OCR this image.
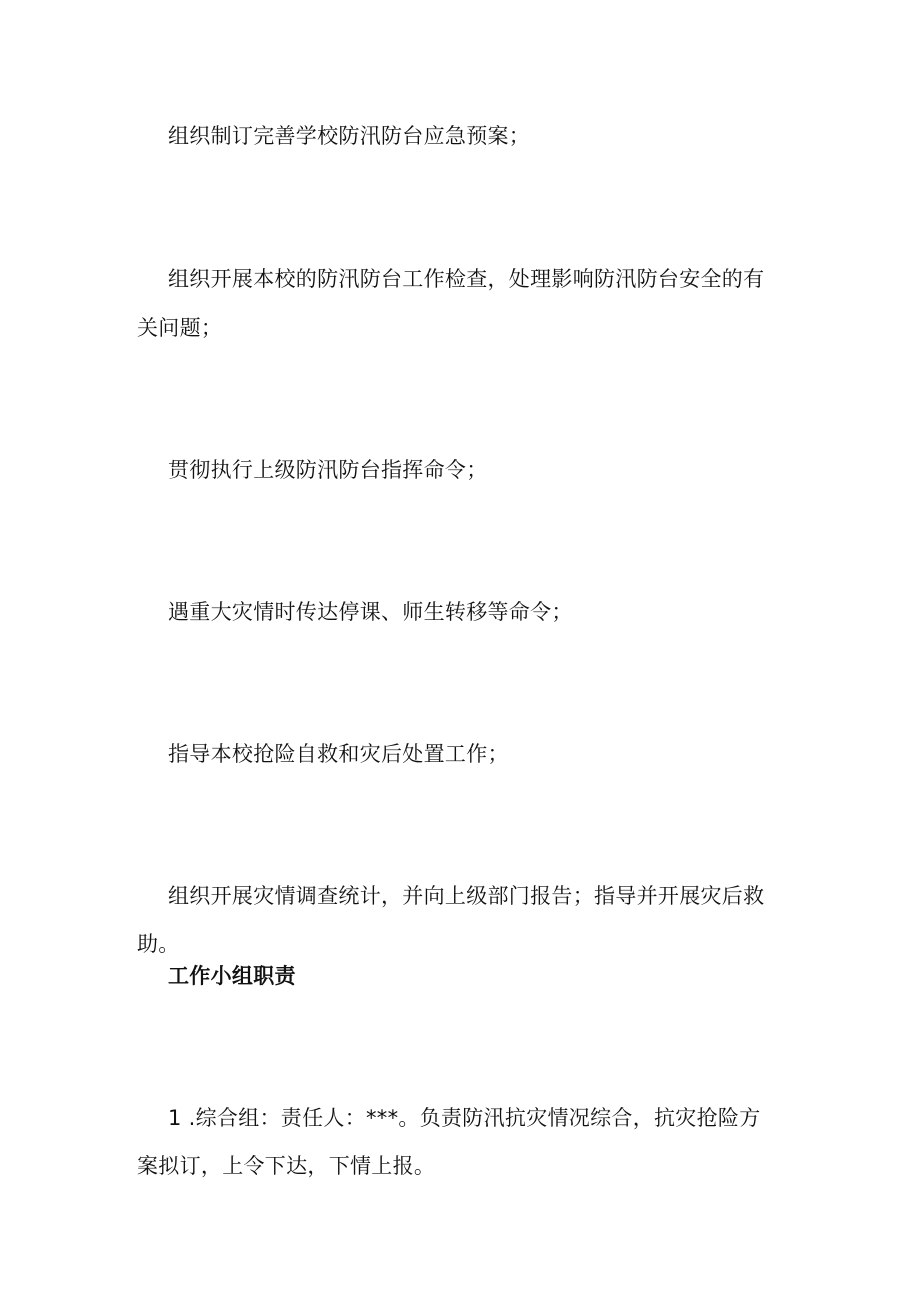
组织制订完善学校防汛防台应急预案；
组织开展本校的防汛防台工作检查，处理影响防汛防台安全的有
关问题；
贯彻执行上级防汛防台指挥命令；
遇重大灾情时传达停课、师生转移等命令；
指导本校抢险自救和灾后处置工作；
组织开展灾情调查统计，并向上级部门报告；指导并开展灾后救
助。
工作小组职责
1 .综合组：责任人：***。负责防汛抗灾情况综合，抗灾抢险方
案拟订，上令下达，下情上报。
